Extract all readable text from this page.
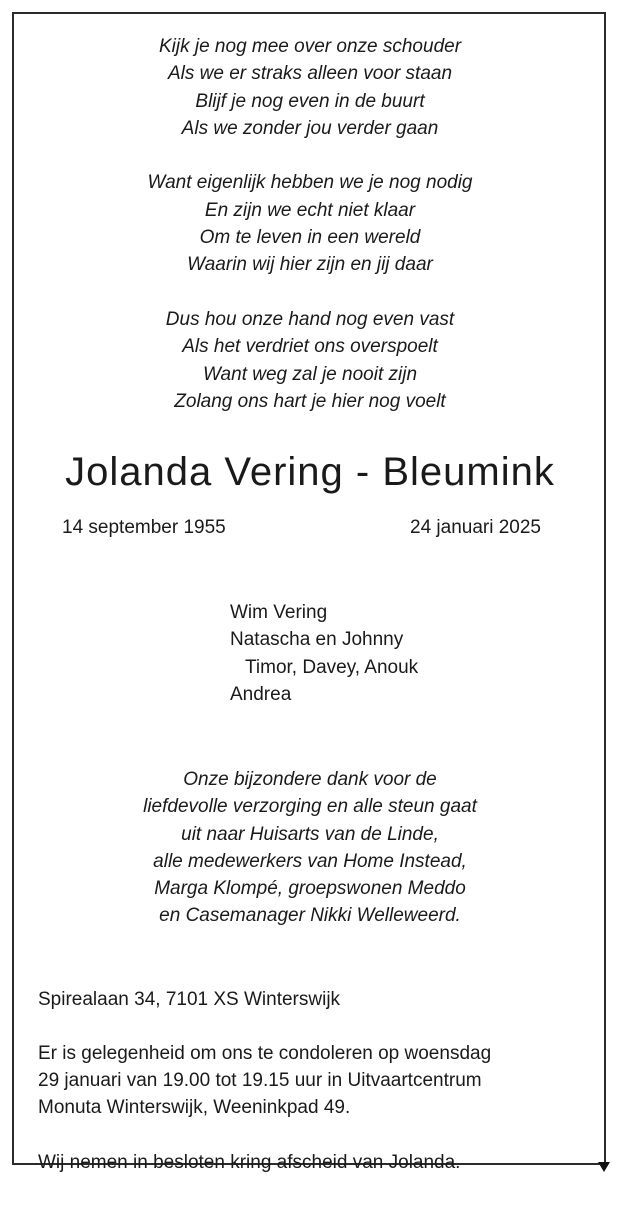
Kijk je nog mee over onze schouder
Als we er straks alleen voor staan
Blijf je nog even in de buurt
Als we zonder jou verder gaan
Want eigenlijk hebben we je nog nodig
En zijn we echt niet klaar
Om te leven in een wereld
Waarin wij hier zijn en jij daar
Dus hou onze hand nog even vast
Als het verdriet ons overspoelt
Want weg zal je nooit zijn
Zolang ons hart je hier nog voelt
Jolanda Vering - Bleumink
14 september 1955	24 januari 2025
Wim Vering
Natascha en Johnny
Timor, Davey, Anouk
Andrea
Onze bijzondere dank voor de
liefdevolle verzorging en alle steun gaat
uit naar Huisarts van de Linde,
alle medewerkers van Home Instead,
Marga Klompé, groepswonen Meddo
en Casemanager Nikki Welleweerd.
Spirealaan 34, 7101 XS Winterswijk
Er is gelegenheid om ons te condoleren op woensdag
29 januari van 19.00 tot 19.15 uur in Uitvaartcentrum
Monuta Winterswijk, Weeninkpad 49.
Wij nemen in besloten kring afscheid van Jolanda.
